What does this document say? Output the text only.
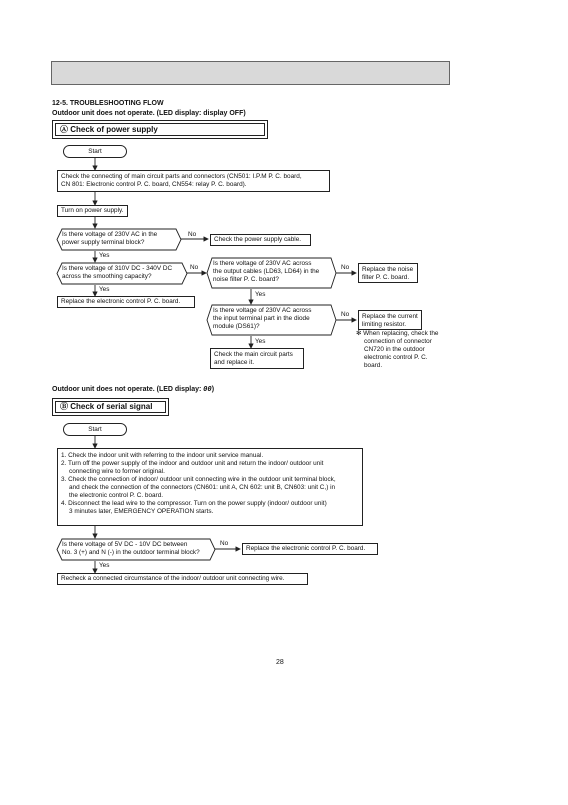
12-5. TROUBLESHOOTING FLOW
Outdoor unit does not operate. (LED display: display OFF)
Ⓐ Check of power supply
Start
Check the connecting of main circuit parts and connectors (CN501: I.P.M P. C. board,
CN 801: Electronic control P. C. board, CN554: relay P. C. board).
Turn on power supply.
Is there voltage of 230V AC in the
power supply terminal block?
No
Yes
Check the power supply cable.
Is there voltage of 310V DC - 340V DC
across the smoothing capacity?
No
Yes
Replace the electronic control P. C. board.
Is there voltage of 230V AC across
the output cables (LD63, LD64) in the
noise filter P. C. board?
No
Yes
Replace the noise
filter P. C. board.
Is there voltage of 230V AC across
the input terminal part in the diode
module (DS61)?
No
Yes
Replace the current
limiting resistor.
✻ When replacing, check the
connection of connector
CN720 in the outdoor
electronic control P. C.
board.
Check the main circuit parts
and replace it.
Outdoor unit does not operate. (LED display: 00)
Ⓑ Check of serial signal
Start
1. Check the indoor unit with referring to the indoor unit service manual.
2. Turn off the power supply of the indoor and outdoor unit and return the indoor/ outdoor unit
connecting wire to former original.
3. Check the connection of indoor/ outdoor unit connecting wire in the outdoor unit terminal block,
and check the connection of the connectors (CN601: unit A, CN 602: unit B, CN603: unit C,) in
the electronic control P. C. board.
4. Disconnect the lead wire to the compressor. Turn on the power supply (indoor/ outdoor unit)
3 minutes later, EMERGENCY OPERATION starts.
Is there voltage of 5V DC - 10V DC between
No. 3 (+) and N (-) in the outdoor terminal block?
No
Yes
Replace the electronic control P. C. board.
Recheck a connected circumstance of the indoor/ outdoor unit connecting wire.
28
